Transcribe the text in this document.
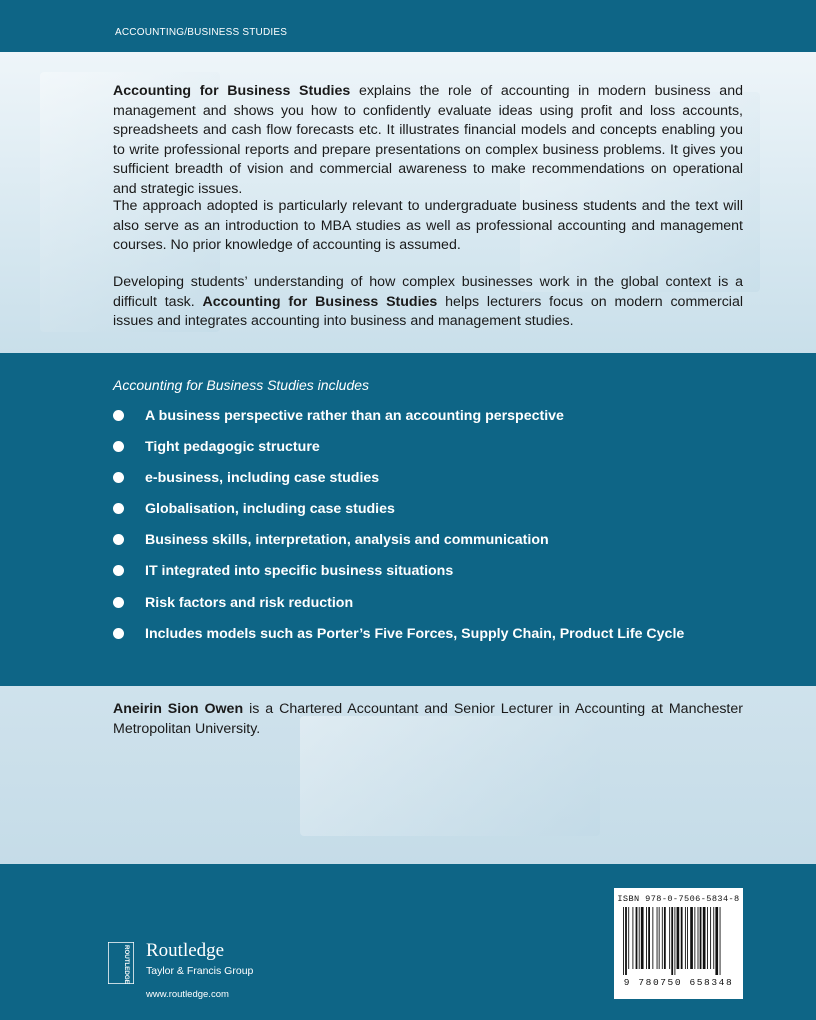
ACCOUNTING/BUSINESS STUDIES

Accounting for Business Studies explains the role of accounting in modern business and management and shows you how to confidently evaluate ideas using profit and loss accounts, spreadsheets and cash flow forecasts etc. It illustrates financial models and concepts enabling you to write professional reports and prepare presentations on complex business problems. It gives you sufficient breadth of vision and commercial awareness to make recommendations on operational and strategic issues.

The approach adopted is particularly relevant to undergraduate business students and the text will also serve as an introduction to MBA studies as well as professional accounting and management courses. No prior knowledge of accounting is assumed.

Developing students’ understanding of how complex businesses work in the global context is a difficult task. Accounting for Business Studies helps lecturers focus on modern commercial issues and integrates accounting into business and management studies.

Accounting for Business Studies includes
A business perspective rather than an accounting perspective
Tight pedagogic structure
e-business, including case studies
Globalisation, including case studies
Business skills, interpretation, analysis and communication
IT integrated into specific business situations
Risk factors and risk reduction
Includes models such as Porter’s Five Forces, Supply Chain, Product Life Cycle

Aneirin Sion Owen is a Chartered Accountant and Senior Lecturer in Accounting at Manchester Metropolitan University.

ROUTLEDGE Routledge
Taylor & Francis Group
www.routledge.com
ISBN 978-0-7506-5834-8
9 780750 658348
